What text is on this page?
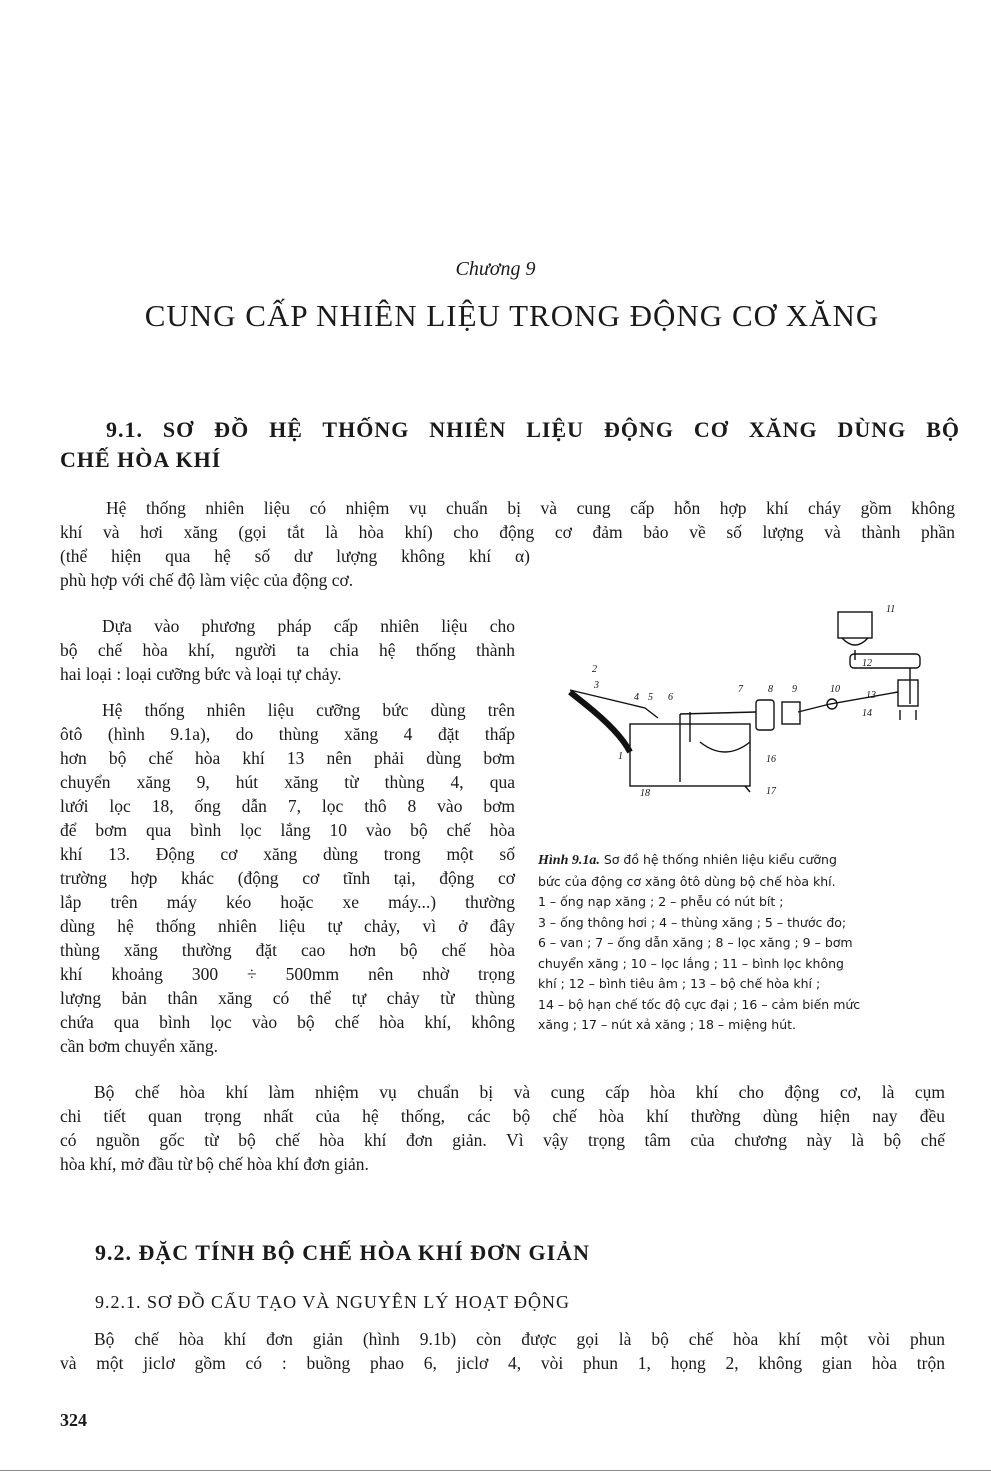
Chương 9
CUNG CẤP NHIÊN LIỆU TRONG ĐỘNG CƠ XĂNG
9.1. SƠ ĐỒ HỆ THỐNG NHIÊN LIỆU ĐỘNG CƠ XĂNG DÙNG BỘ
CHẾ HÒA KHÍ

Hệ thống nhiên liệu có nhiệm vụ chuẩn bị và cung cấp hỗn hợp khí cháy gồm không
khí và hơi xăng (gọi tắt là hòa khí) cho động cơ đảm bảo về số lượng và thành phần
(thể hiện qua hệ số dư lượng không khí α)
phù hợp với chế độ làm việc của động cơ.

Dựa vào phương pháp cấp nhiên liệu cho
bộ chế hòa khí, người ta chia hệ thống thành
hai loại : loại cưỡng bức và loại tự chảy.

Hệ thống nhiên liệu cưỡng bức dùng trên
ôtô (hình 9.1a), do thùng xăng 4 đặt thấp
hơn bộ chế hòa khí 13 nên phải dùng bơm
chuyển xăng 9, hút xăng từ thùng 4, qua
lưới lọc 18, ống dẫn 7, lọc thô 8 vào bơm
để bơm qua bình lọc lắng 10 vào bộ chế hòa
khí 13. Động cơ xăng dùng trong một số
trường hợp khác (động cơ tĩnh tại, động cơ
lắp trên máy kéo hoặc xe máy...) thường
dùng hệ thống nhiên liệu tự chảy, vì ở đây
thùng xăng thường đặt cao hơn bộ chế hòa
khí khoảng 300 ÷ 500mm nên nhờ trọng
lượng bản thân xăng có thể tự chảy từ thùng
chứa qua bình lọc vào bộ chế hòa khí, không
cần bơm chuyển xăng.

1
2
3
4 5 6
7	8 9	10
11
12
13
14
16
17
18
Hình 9.1a. Sơ đồ hệ thống nhiên liệu kiểu cưỡng
bức của động cơ xăng ôtô dùng bộ chế hòa khí.
1 – ống nạp xăng ; 2 – phễu có nút bít ;
3 – ống thông hơi ; 4 – thùng xăng ; 5 – thước đo;
6 – van ; 7 – ống dẫn xăng ; 8 – lọc xăng ; 9 – bơm
chuyển xăng ; 10 – lọc lắng ; 11 – bình lọc không
khí ; 12 – bình tiêu âm ; 13 – bộ chế hòa khí ;
14 – bộ hạn chế tốc độ cực đại ; 16 – cảm biến mức
xăng ; 17 – nút xả xăng ; 18 – miệng hút.

Bộ chế hòa khí làm nhiệm vụ chuẩn bị và cung cấp hòa khí cho động cơ, là cụm
chi tiết quan trọng nhất của hệ thống, các bộ chế hòa khí thường dùng hiện nay đều
có nguồn gốc từ bộ chế hòa khí đơn giản. Vì vậy trọng tâm của chương này là bộ chế
hòa khí, mở đầu từ bộ chế hòa khí đơn giản.

9.2. ĐẶC TÍNH BỘ CHẾ HÒA KHÍ ĐƠN GIẢN
9.2.1. SƠ ĐỒ CẤU TẠO VÀ NGUYÊN LÝ HOẠT ĐỘNG

Bộ chế hòa khí đơn giản (hình 9.1b) còn được gọi là bộ chế hòa khí một vòi phun
và một jiclơ gồm có : buồng phao 6, jiclơ 4, vòi phun 1, họng 2, không gian hòa trộn

324
